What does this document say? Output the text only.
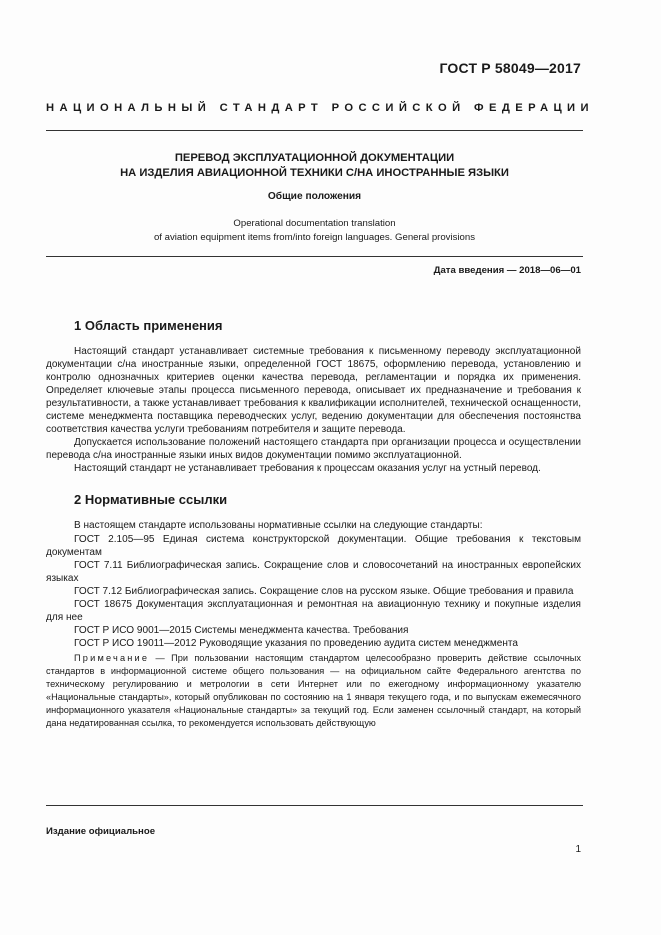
ГОСТ Р 58049—2017
НАЦИОНАЛЬНЫЙ СТАНДАРТ РОССИЙСКОЙ ФЕДЕРАЦИИ
ПЕРЕВОД ЭКСПЛУАТАЦИОННОЙ ДОКУМЕНТАЦИИ
НА ИЗДЕЛИЯ АВИАЦИОННОЙ ТЕХНИКИ С/НА ИНОСТРАННЫЕ ЯЗЫКИ
Общие положения
Operational documentation translation
of aviation equipment items from/into foreign languages. General provisions
Дата введения — 2018—06—01
1 Область применения

Настоящий стандарт устанавливает системные требования к письменному переводу эксплуатационной документации с/на иностранные языки, определенной ГОСТ 18675, оформлению перевода, установлению и контролю однозначных критериев оценки качества перевода, регламентации и порядка их применения. Определяет ключевые этапы процесса письменного перевода, описывает их предназначение и требования к результативности, а также устанавливает требования к квалификации исполнителей, технической оснащенности, системе менеджмента поставщика переводческих услуг, ведению документации для обеспечения постоянства соответствия качества услуги требованиям потребителя и защите перевода.

Допускается использование положений настоящего стандарта при организации процесса и осуществлении перевода с/на иностранные языки иных видов документации помимо эксплуатационной.

Настоящий стандарт не устанавливает требования к процессам оказания услуг на устный перевод.

2 Нормативные ссылки

В настоящем стандарте использованы нормативные ссылки на следующие стандарты:

ГОСТ 2.105—95 Единая система конструкторской документации. Общие требования к текстовым документам

ГОСТ 7.11 Библиографическая запись. Сокращение слов и словосочетаний на иностранных европейских языках

ГОСТ 7.12 Библиографическая запись. Сокращение слов на русском языке. Общие требования и правила

ГОСТ 18675 Документация эксплуатационная и ремонтная на авиационную технику и покупные изделия для нее

ГОСТ Р ИСО 9001—2015 Системы менеджмента качества. Требования

ГОСТ Р ИСО 19011—2012 Руководящие указания по проведению аудита систем менеджмента

Примечание — При пользовании настоящим стандартом целесообразно проверить действие ссылочных стандартов в информационной системе общего пользования — на официальном сайте Федерального агентства по техническому регулированию и метрологии в сети Интернет или по ежегодному информационному указателю «Национальные стандарты», который опубликован по состоянию на 1 января текущего года, и по выпускам ежемесячного информационного указателя «Национальные стандарты» за текущий год. Если заменен ссылочный стандарт, на который дана недатированная ссылка, то рекомендуется использовать действующую

Издание официальное
1
